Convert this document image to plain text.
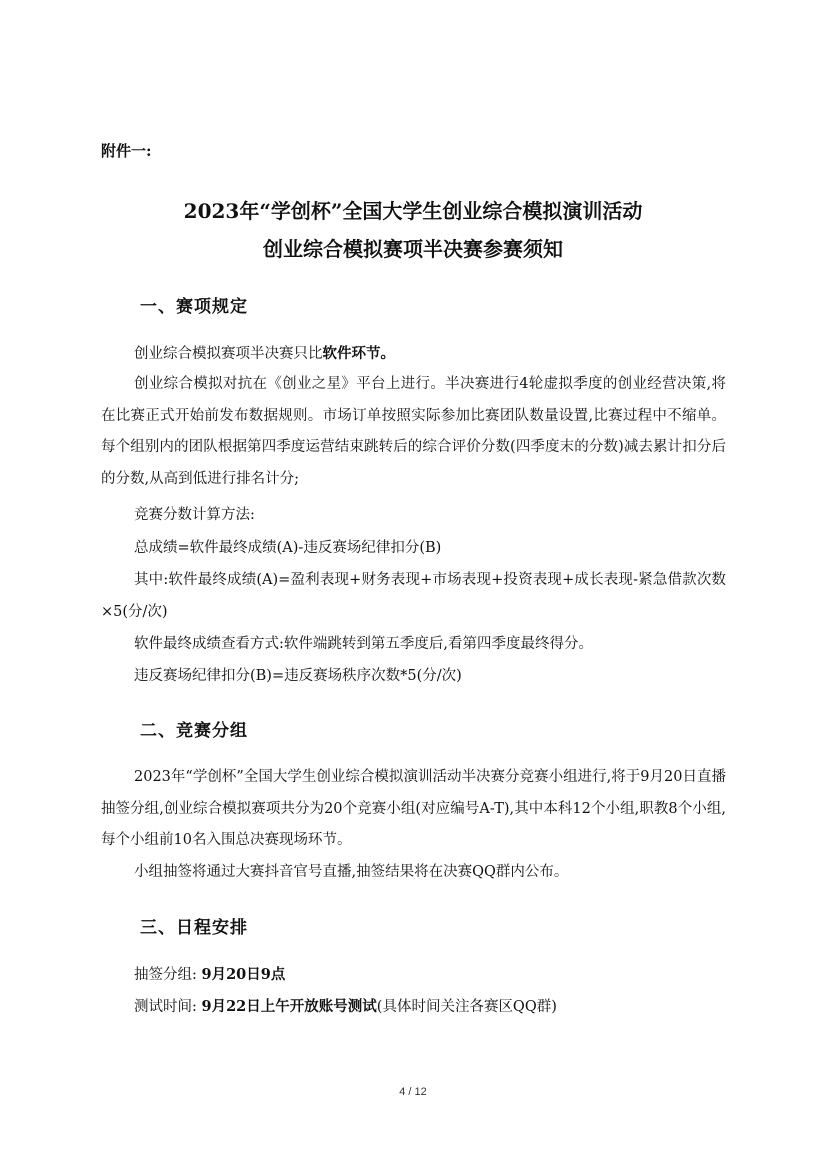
附件一:
2023年“学创杯”全国大学生创业综合模拟演训活动
创业综合模拟赛项半决赛参赛须知
一、赛项规定

创业综合模拟赛项半决赛只比软件环节。

创业综合模拟对抗在《创业之星》平台上进行。半决赛进行4轮虚拟季度的创业经营决策,将在比赛正式开始前发布数据规则。市场订单按照实际参加比赛团队数量设置,比赛过程中不缩单。每个组别内的团队根据第四季度运营结束跳转后的综合评价分数(四季度末的分数)减去累计扣分后的分数,从高到低进行排名计分;

竞赛分数计算方法:

总成绩=软件最终成绩(A)-违反赛场纪律扣分(B)

其中:软件最终成绩(A)=盈利表现+财务表现+市场表现+投资表现+成长表现-紧急借款次数×5(分/次)

软件最终成绩查看方式:软件端跳转到第五季度后,看第四季度最终得分。

违反赛场纪律扣分(B)=违反赛场秩序次数*5(分/次)

二、竞赛分组

2023年“学创杯”全国大学生创业综合模拟演训活动半决赛分竞赛小组进行,将于9月20日直播抽签分组,创业综合模拟赛项共分为20个竞赛小组(对应编号A-T),其中本科12个小组,职教8个小组,每个小组前10名入围总决赛现场环节。

小组抽签将通过大赛抖音官号直播,抽签结果将在决赛QQ群内公布。

三、日程安排

抽签分组: 9月20日9点

测试时间: 9月22日上午开放账号测试(具体时间关注各赛区QQ群)

4 / 12
